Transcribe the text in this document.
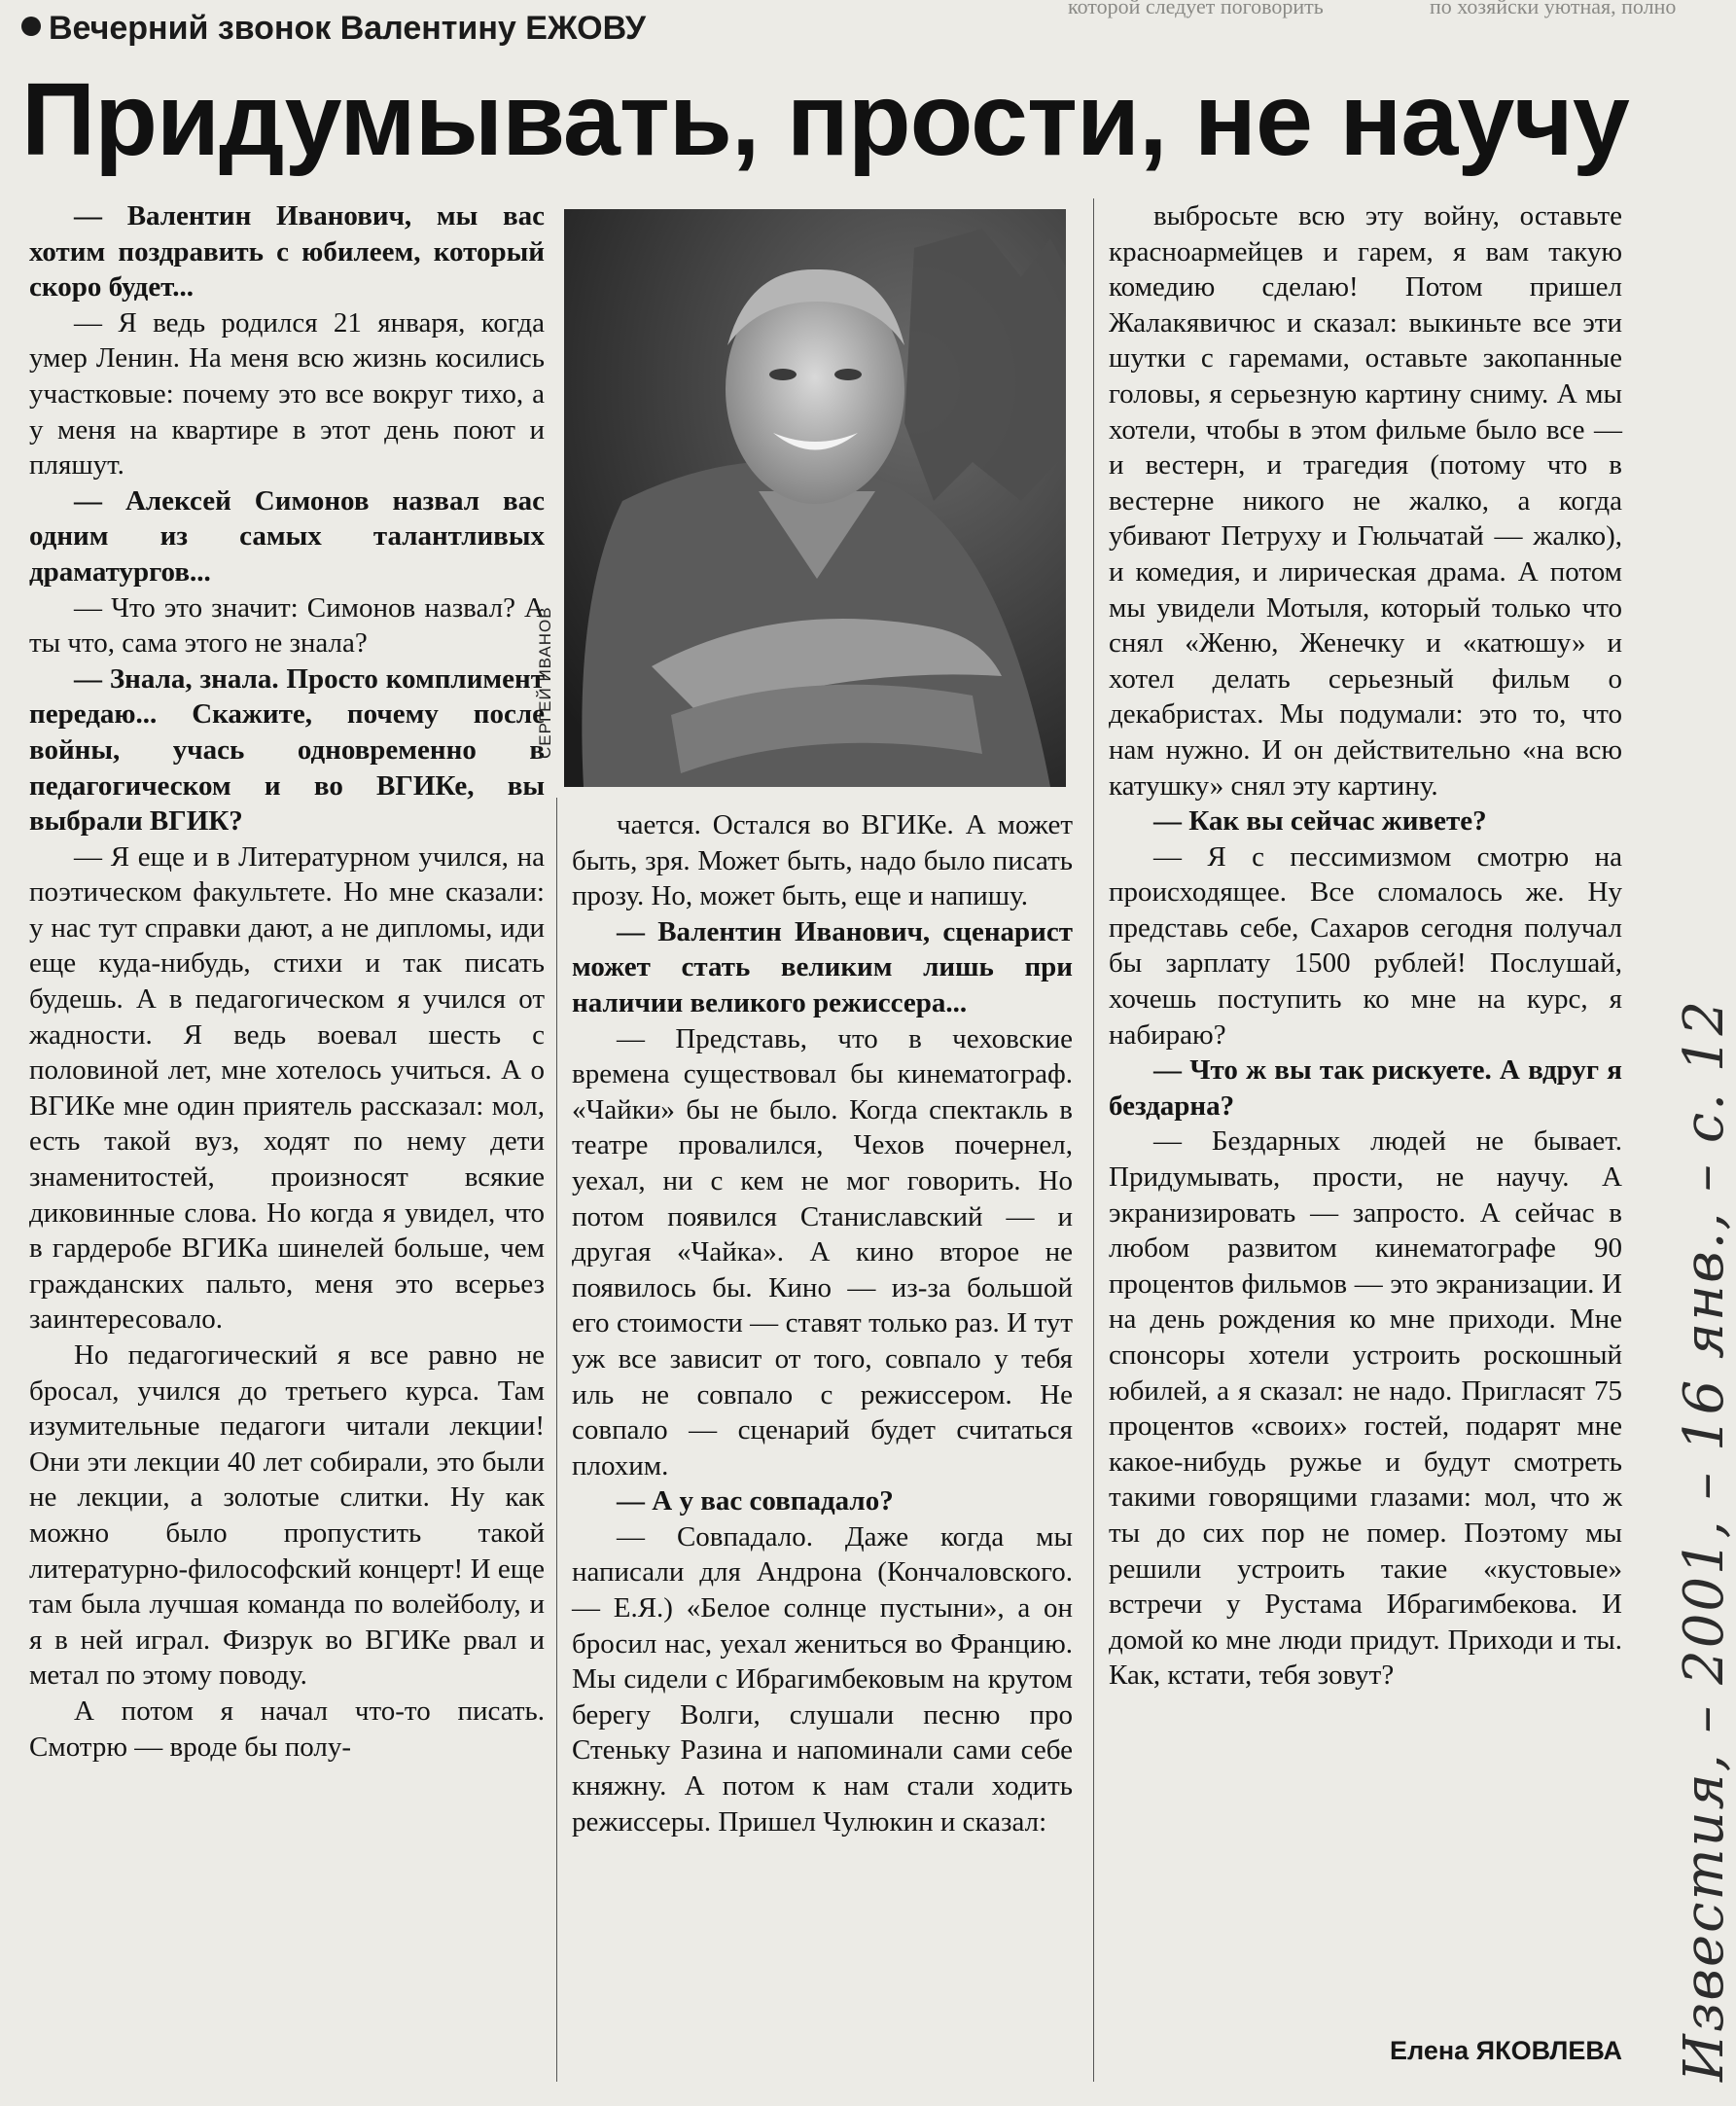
которой следует поговорить	по хозяйски уютная, полно
Вечерний звонок Валентину ЕЖОВУ
Придумывать, прости, не научу

— Валентин Иванович, мы вас хотим поздравить с юбилеем, который скоро будет...

— Я ведь родился 21 января, когда умер Ленин. На меня всю жизнь косились участковые: почему это все вокруг тихо, а у меня на квартире в этот день поют и пляшут.

— Алексей Симонов назвал вас одним из самых талантливых драматургов...

— Что это значит: Симонов назвал? А ты что, сама этого не знала?

— Знала, знала. Просто комплимент передаю... Скажите, почему после войны, учась одновременно в педагогическом и во ВГИКе, вы выбрали ВГИК?

— Я еще и в Литературном учился, на поэтическом факультете. Но мне сказали: у нас тут справки дают, а не дипломы, иди еще куда-нибудь, стихи и так писать будешь. А в педагогическом я учился от жадности. Я ведь воевал шесть с половиной лет, мне хотелось учиться. А о ВГИКе мне один приятель рассказал: мол, есть такой вуз, ходят по нему дети знаменитостей, произносят всякие диковинные слова. Но когда я увидел, что в гардеробе ВГИКа шинелей больше, чем гражданских пальто, меня это всерьез заинтересовало.

Но педагогический я все равно не бросал, учился до третьего курса. Там изумительные педагоги читали лекции! Они эти лекции 40 лет собирали, это были не лекции, а золотые слитки. Ну как можно было пропустить такой литературно-философский концерт! И еще там была лучшая команда по волейболу, и я в ней играл. Физрук во ВГИКе рвал и метал по этому поводу.

А потом я начал что-то писать. Смотрю — вроде бы полу-

СЕРГЕЙ ИВАНОВ

чается. Остался во ВГИКе. А может быть, зря. Может быть, надо было писать прозу. Но, может быть, еще и напишу.

— Валентин Иванович, сценарист может стать великим лишь при наличии великого режиссера...

— Представь, что в чеховские времена существовал бы кинематограф. «Чайки» бы не было. Когда спектакль в театре провалился, Чехов почернел, уехал, ни с кем не мог говорить. Но потом появился Станиславский — и другая «Чайка». А кино второе не появилось бы. Кино — из-за большой его стоимости — ставят только раз. И тут уж все зависит от того, совпало у тебя иль не совпало с режиссером. Не совпало — сценарий будет считаться плохим.

— А у вас совпадало?

— Совпадало. Даже когда мы написали для Андрона (Кончаловского. — Е.Я.) «Белое солнце пустыни», а он бросил нас, уехал жениться во Францию. Мы сидели с Ибрагимбековым на крутом берегу Волги, слушали песню про Стеньку Разина и напоминали сами себе княжну. А потом к нам стали ходить режиссеры. Пришел Чулюкин и сказал:

выбросьте всю эту войну, оставьте красноармейцев и гарем, я вам такую комедию сделаю! Потом пришел Жалакявичюс и сказал: выкиньте все эти шутки с гаремами, оставьте закопанные головы, я серьезную картину сниму. А мы хотели, чтобы в этом фильме было все — и вестерн, и трагедия (потому что в вестерне никого не жалко, а когда убивают Петруху и Гюльчатай — жалко), и комедия, и лирическая драма. А потом мы увидели Мотыля, который только что снял «Женю, Женечку и «катюшу» и хотел делать серьезный фильм о декабристах. Мы подумали: это то, что нам нужно. И он действительно «на всю катушку» снял эту картину.

— Как вы сейчас живете?

— Я с пессимизмом смотрю на происходящее. Все сломалось же. Ну представь себе, Сахаров сегодня получал бы зарплату 1500 рублей! Послушай, хочешь поступить ко мне на курс, я набираю?

— Что ж вы так рискуете. А вдруг я бездарна?

— Бездарных людей не бывает. Придумывать, прости, не научу. А экранизировать — запросто. А сейчас в любом развитом кинематографе 90 процентов фильмов — это экранизации. И на день рождения ко мне приходи. Мне спонсоры хотели устроить роскошный юбилей, а я сказал: не надо. Пригласят 75 процентов «своих» гостей, подарят мне какое-нибудь ружье и будут смотреть такими говорящими глазами: мол, что ж ты до сих пор не помер. Поэтому мы решили устроить такие «кустовые» встречи у Рустама Ибрагимбекова. И домой ко мне люди придут. Приходи и ты. Как, кстати, тебя зовут?

Елена ЯКОВЛЕВА Известия, – 2001, – 16 янв., – с. 12
